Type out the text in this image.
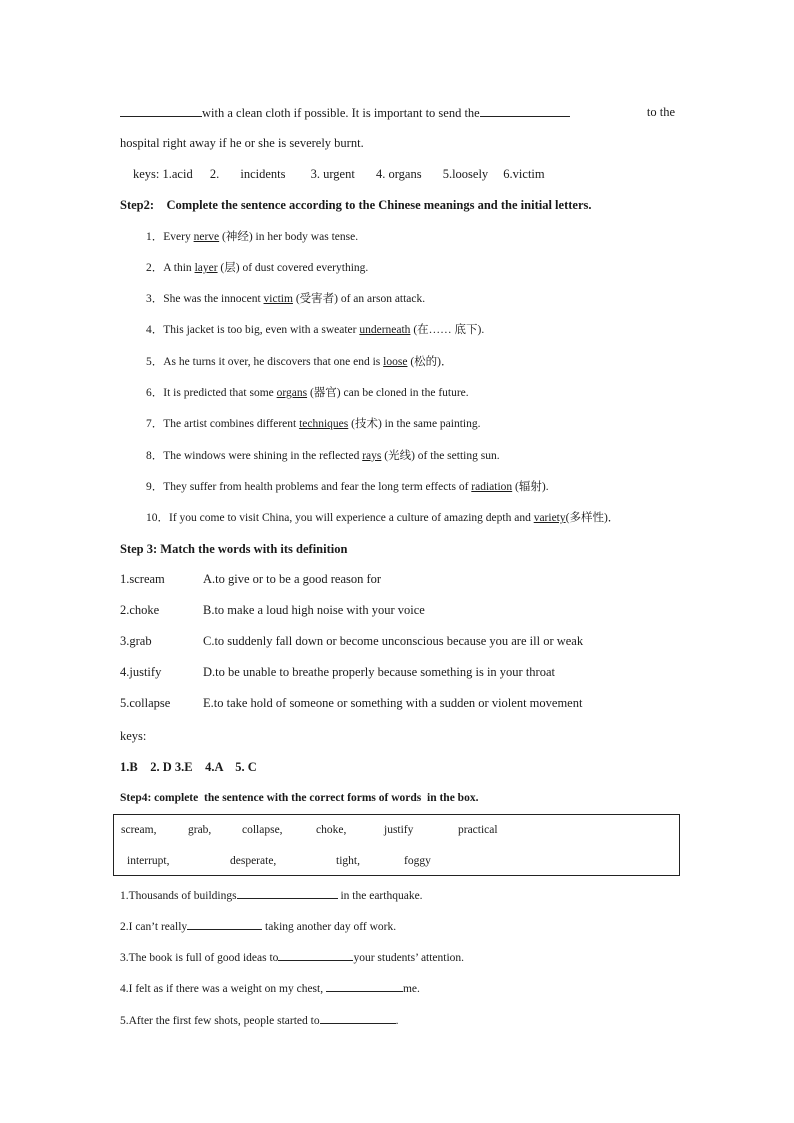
with a clean cloth if possible. It is important to send the	to the
hospital right away if he or she is severely burnt.
keys: 1.acid 2. incidents 3. urgent 4. organs 5.loosely 6.victim
Step2:    Complete the sentence according to the Chinese meanings and the initial letters.
1．Every nerve (神经) in her body was tense.
2．A thin layer (层) of dust covered everything.
3．She was the innocent victim (受害者) of an arson attack.
4．This jacket is too big, even with a sweater underneath (在…… 底下).
5．As he turns it over, he discovers that one end is loose (松的)．
6．It is predicted that some organs (器官) can be cloned in the future.
7．The artist combines different techniques (技术) in the same painting.
8．The windows were shining in the reflected rays (光线) of the setting sun.
9．They suffer from health problems and fear the long term effects of radiation (辐射).
10．If you come to visit China, you will experience a culture of amazing depth and variety(多样性)．
Step 3: Match the words with its definition
1.scream	A.to give or to be a good reason for
2.choke	B.to make a loud high noise with your voice
3.grab	C.to suddenly fall down or become unconscious because you are ill or weak
4.justify	D.to be unable to breathe properly because something is in your throat
5.collapse	E.to take hold of someone or something with a sudden or violent movement
keys:
1.B    2. D 3.E    4.A    5. C
Step4: complete  the sentence with the correct forms of words  in the box.
scream,	grab,	collapse,	choke,	justify	practical
interrupt,	desperate,	tight,	foggy
1.Thousands of buildings	in the earthquake.
2.I can’t really	taking another day off work.
3.The book is full of good ideas to	your students’ attention.
4.I felt as if there was a weight on my chest,	me.
5.After the first few shots, people started to	.
